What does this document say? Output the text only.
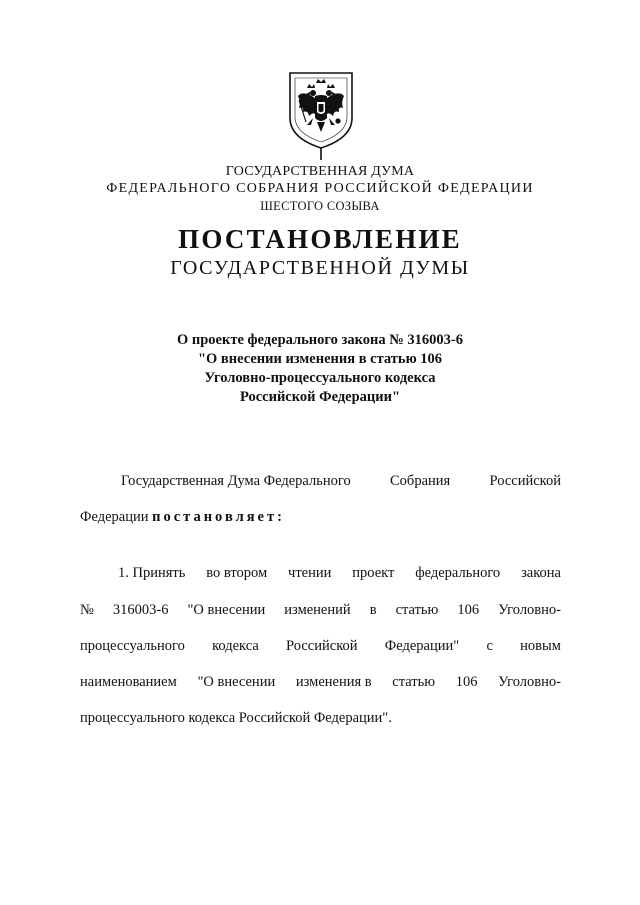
ГОСУДАРСТВЕННАЯ ДУМА
ФЕДЕРАЛЬНОГО СОБРАНИЯ РОССИЙСКОЙ ФЕДЕРАЦИИ
ШЕСТОГО СОЗЫВА
ПОСТАНОВЛЕНИЕ
ГОСУДАРСТВЕННОЙ ДУМЫ
О проекте федерального закона № 316003-6
"О внесении изменения в статью 106
Уголовно-процессуального кодекса
Российской Федерации"
Государственная Дума Федерального	Собрания	Российской
Федерации постановляет:
1. Принять во втором чтении проект федерального закона
№ 316003-6 "О внесении изменений в статью 106 Уголовно-
процессуального кодекса Российской Федерации" с новым
наименованием "О внесении изменения в статью 106 Уголовно-
процессуального кодекса Российской Федерации".
